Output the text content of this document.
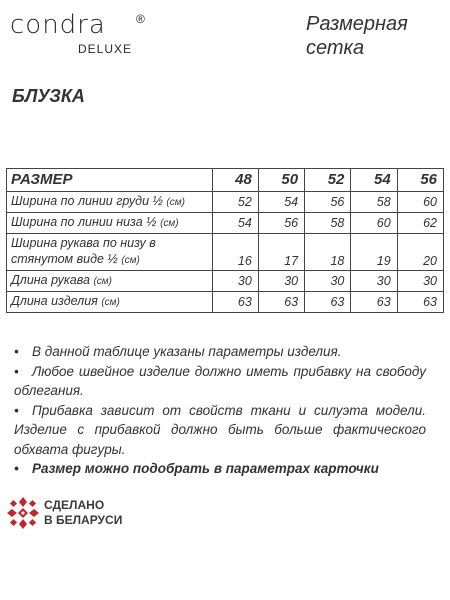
condra	®
DELUXE
Размерная
сетка
БЛУЗКА
РАЗМЕР	48	50	52	54	56
Ширина по линии груди ½ (см)	52	54	56	58	60
Ширина по линии низа ½ (см)	54	56	58	60	62

Ширина рукава по низу в
стянутом виде ½ (см)	16	17	18	19	20
Длина рукава (см)	30	30	30	30	30
Длина изделия (см)	63	63	63	63	63
• В данной таблице указаны параметры изделия.
• Любое швейное изделие должно иметь прибавку на свободу облегания.
• Прибавка зависит от свойств ткани и силуэта модели. Изделие с прибавкой должно быть больше фактического обхвата фигуры.
• Размер можно подобрать в параметрах карточки
СДЕЛАНО
В БЕЛАРУСИ
